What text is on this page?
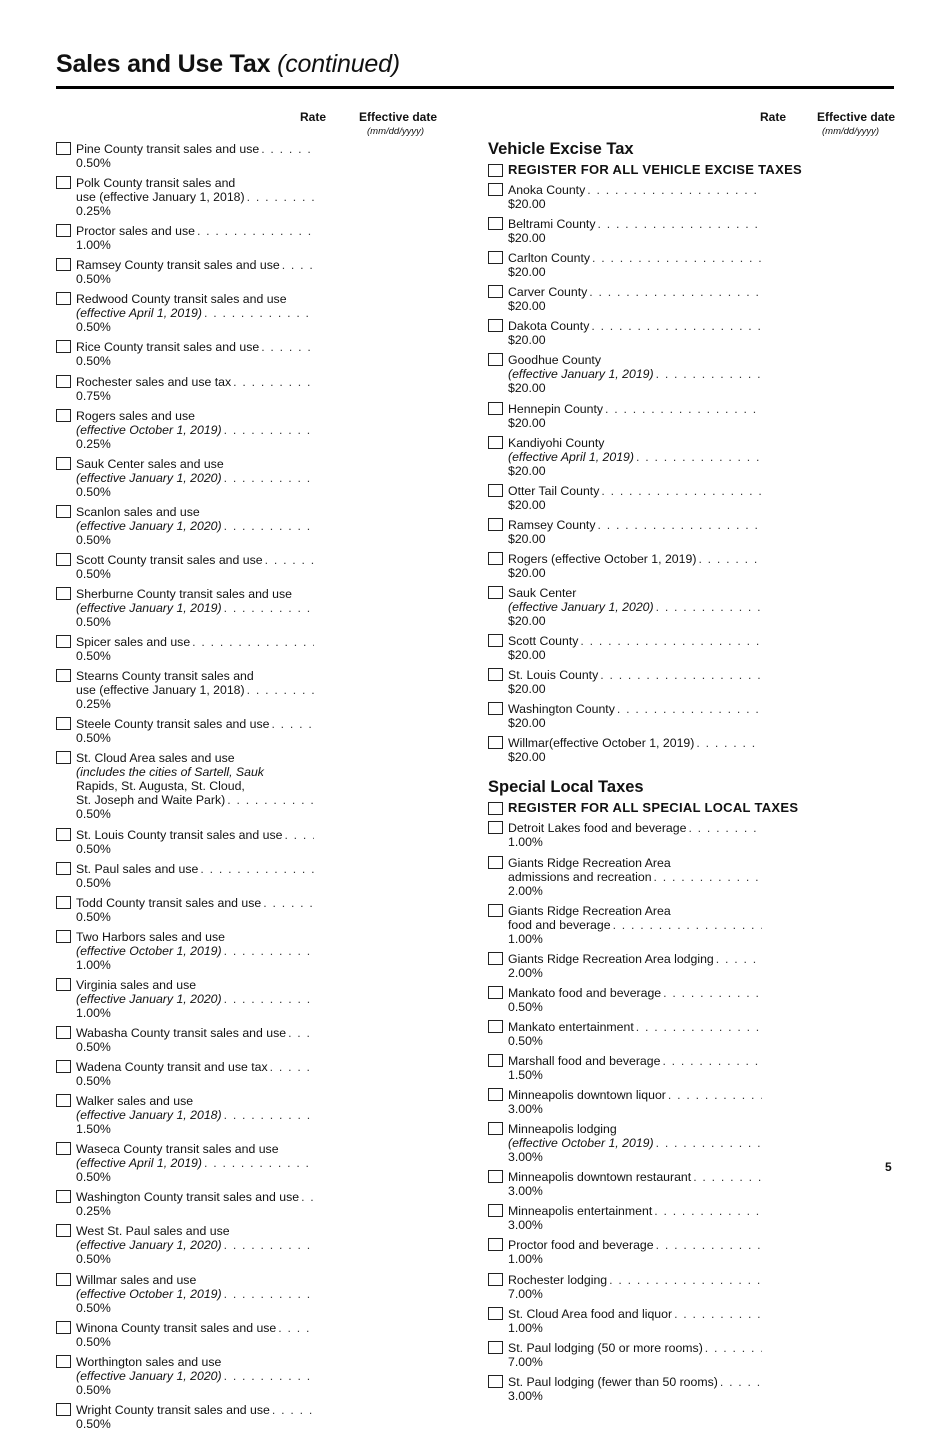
Sales and Use Tax (continued)
Rate	Effective date
(mm/dd/yyyy)
Pine County transit sales and use
. . .
0.50%
Polk County transit sales and
use (effective January 1, 2018)
. . .
0.25%
Proctor sales and use
. . .
1.00%
Ramsey County transit sales and use
. . .
0.50%
Redwood County transit sales and use
(effective April 1, 2019)
. . .
0.50%
Rice County transit sales and use
. . .
0.50%
Rochester sales and use tax
. . .
0.75%
Rogers sales and use
(effective October 1, 2019)
. . .
0.25%
Sauk Center sales and use
(effective January 1, 2020)
. . .
0.50%
Scanlon sales and use
(effective January 1, 2020)
. . .
0.50%
Scott County transit sales and use
. . .
0.50%
Sherburne County transit sales and use
(effective January 1, 2019)
. . .
0.50%
Spicer sales and use
. . .
0.50%
Stearns County transit sales and
use (effective January 1, 2018)
. . .
0.25%
Steele County transit sales and use
. . .
0.50%
St. Cloud Area sales and use
(includes the cities of Sartell, Sauk
Rapids, St. Augusta, St. Cloud,
St. Joseph and Waite Park)
. . .
0.50%
St. Louis County transit sales and use
. . .
0.50%
St. Paul sales and use
. . .
0.50%
Todd County transit sales and use
. . .
0.50%
Two Harbors sales and use
(effective October 1, 2019)
. . .
1.00%
Virginia sales and use
(effective January 1, 2020)
. . .
1.00%
Wabasha County transit sales and use
. . .
0.50%
Wadena County transit and use tax
. . .
0.50%
Walker sales and use
(effective January 1, 2018)
. . .
1.50%
Waseca County transit sales and use
(effective April 1, 2019)
. . .
0.50%
Washington County transit sales and use
. . .
0.25%
West St. Paul sales and use
(effective January 1, 2020)
. . .
0.50%
Willmar sales and use
(effective October 1, 2019)
. . .
0.50%
Winona County transit sales and use
. . .
0.50%
Worthington sales and use
(effective January 1, 2020)
. . .
0.50%
Wright County transit sales and use
. . .
0.50%
Rate	Effective date
(mm/dd/yyyy)
Vehicle Excise Tax
REGISTER FOR ALL VEHICLE EXCISE TAXES
Anoka County
. . .
$20.00
Beltrami County
. . .
$20.00
Carlton County
. . .
$20.00
Carver County
. . .
$20.00
Dakota County
. . .
$20.00
Goodhue County
(effective January 1, 2019)
. . .
$20.00
Hennepin County
. . .
$20.00
Kandiyohi County
(effective April 1, 2019)
. . .
$20.00
Otter Tail County
. . .
$20.00
Ramsey County
. . .
$20.00
Rogers (effective October 1, 2019)
. . .
$20.00
Sauk Center
(effective January 1, 2020)
. . .
$20.00
Scott County
. . .
$20.00
St. Louis County
. . .
$20.00
Washington County
. . .
$20.00
Willmar(effective October 1, 2019)
. . .
$20.00
Special Local Taxes
REGISTER FOR ALL SPECIAL LOCAL TAXES
Detroit Lakes food and beverage
. . .
1.00%
Giants Ridge Recreation Area
admissions and recreation
. . .
2.00%
Giants Ridge Recreation Area
food and beverage
. . .
1.00%
Giants Ridge Recreation Area lodging
. . .
2.00%
Mankato food and beverage
. . .
0.50%
Mankato entertainment
. . .
0.50%
Marshall food and beverage
. . .
1.50%
Minneapolis downtown liquor
. . .
3.00%
Minneapolis lodging
(effective October 1, 2019)
. . .
3.00%
Minneapolis downtown restaurant
. . .
3.00%
Minneapolis entertainment
. . .
3.00%
Proctor food and beverage
. . .
1.00%
Rochester lodging
. . .
7.00%
St. Cloud Area food and liquor
. . .
1.00%
St. Paul lodging (50 or more rooms)
. . .
7.00%
St. Paul lodging (fewer than 50 rooms)
. . .
3.00%
5
